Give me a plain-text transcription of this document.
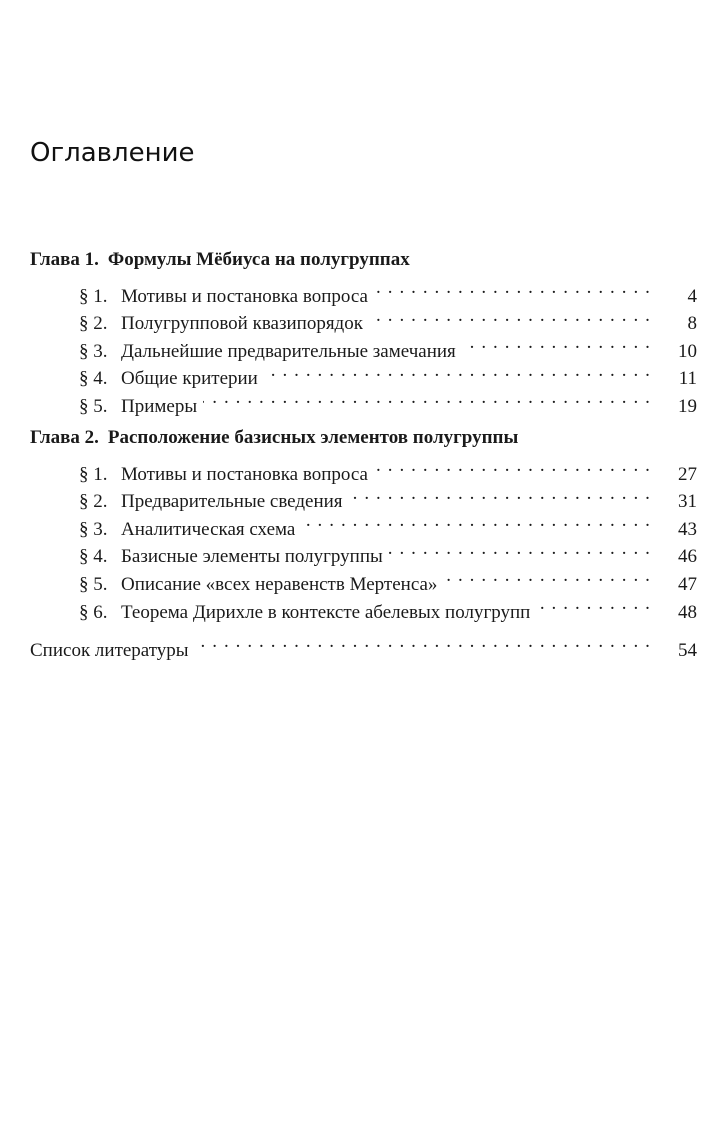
Оглавление
Глава 1. Формулы Мёбиуса на полугруппах
§ 1. Мотивы и постановка вопроса . . .	4
§ 2. Полугрупповой квазипорядок . . .	8
§ 3. Дальнейшие предварительные замечания . . .	10
§ 4. Общие критерии . . .	11
§ 5. Примеры . . .	19
Глава 2. Расположение базисных элементов полугруппы
§ 1. Мотивы и постановка вопроса . . .	27
§ 2. Предварительные сведения . . .	31
§ 3. Аналитическая схема . . .	43
§ 4. Базисные элементы полугруппы . . .	46
§ 5. Описание «всех неравенств Мертенса» . . .	47
§ 6. Теорема Дирихле в контексте абелевых полугрупп . . .	48
Список литературы . . .	54
